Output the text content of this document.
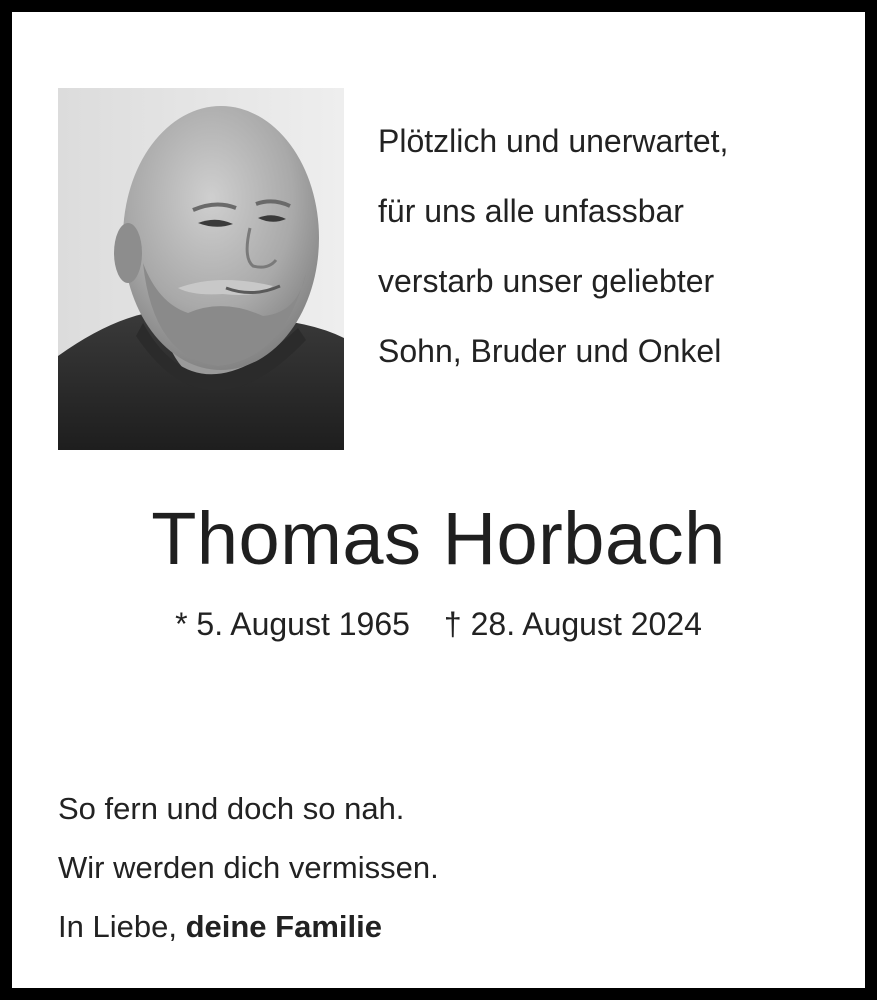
Plötzlich und unerwartet,
für uns alle unfassbar
verstarb unser geliebter
Sohn, Bruder und Onkel
Thomas Horbach
* 5. August 1965 † 28. August 2024
So fern und doch so nah.
Wir werden dich vermissen.
In Liebe, deine Familie
